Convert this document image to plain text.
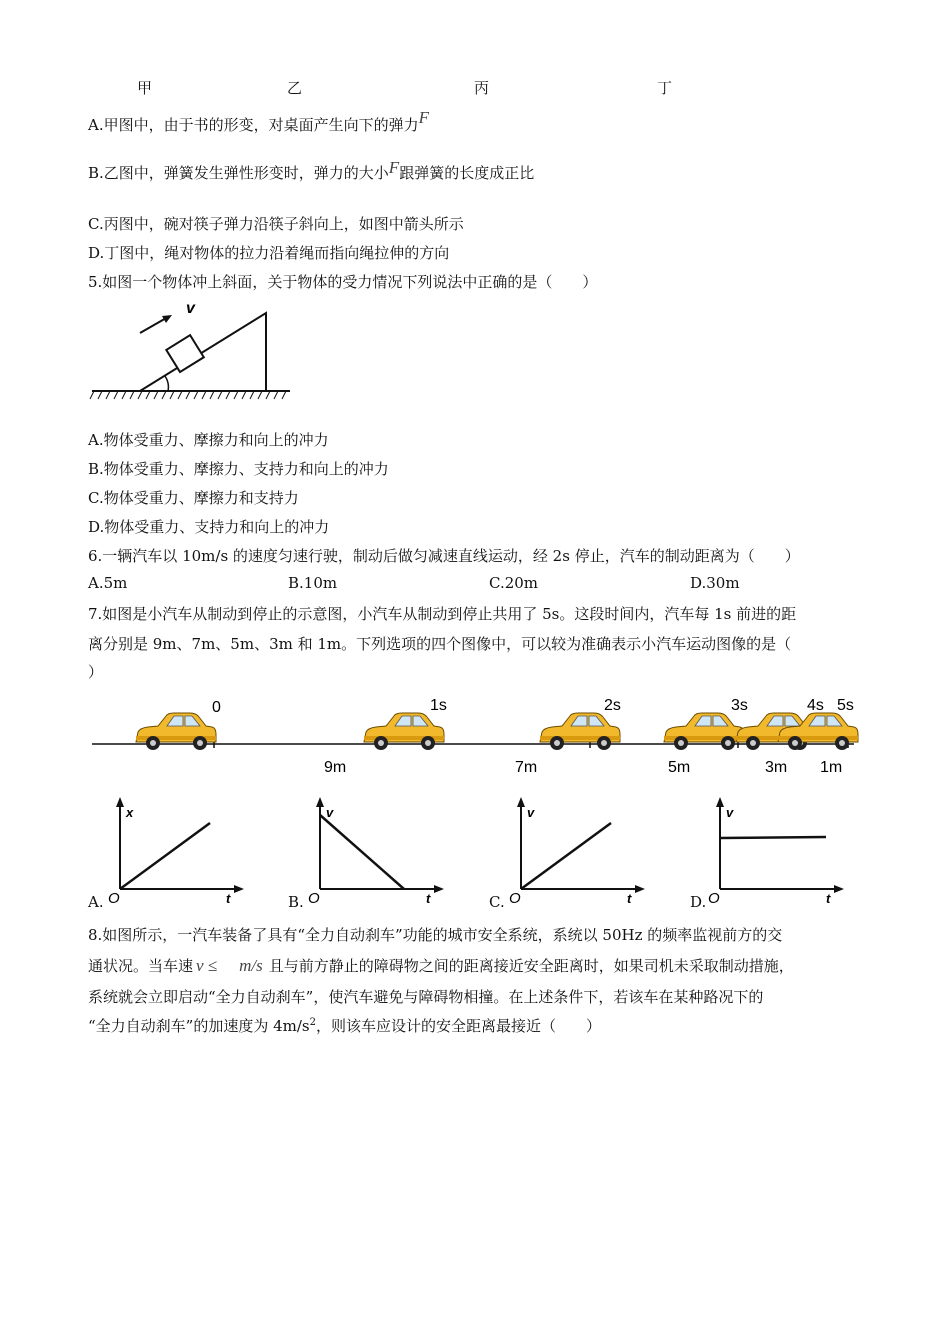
甲	乙	丙	丁
A.甲图中，由于书的形变，对桌面产生向下的弹力F
B.乙图中，弹簧发生弹性形变时，弹力的大小F跟弹簧的长度成正比
C.丙图中，碗对筷子弹力沿筷子斜向上，如图中箭头所示
D.丁图中，绳对物体的拉力沿着绳而指向绳拉伸的方向
5.如图一个物体冲上斜面，关于物体的受力情况下列说法中正确的是（　　）
v
A.物体受重力、摩擦力和向上的冲力
B.物体受重力、摩擦力、支持力和向上的冲力
C.物体受重力、摩擦力和支持力
D.物体受重力、支持力和向上的冲力
6.一辆汽车以 10m/s 的速度匀速行驶，制动后做匀减速直线运动，经 2s 停止，汽车的制动距离为（　　）
A.5m	B.10m	C.20m	D.30m
7.如图是小汽车从制动到停止的示意图，小汽车从制动到停止共用了 5s。这段时间内，汽车每 1s 前进的距
离分别是 9m、7m、5m、3m 和 1m。下列选项的四个图像中，可以较为准确表示小汽车运动图像的是（
）
0	1s	2s	3s	4s 5s
9m	7m	5m	3m 1m
x
t
O
A.
v
t
O
B.
v
t
O
C.
v
t
O
D.
8.如图所示，一汽车装备了具有“全力自动刹车”功能的城市安全系统，系统以 50Hz 的频率监视前方的交
通状况。当车速 v ≤ m/s 且与前方静止的障碍物之间的距离接近安全距离时，如果司机未采取制动措施，
系统就会立即启动“全力自动刹车”，使汽车避免与障碍物相撞。在上述条件下，若该车在某种路况下的
“全力自动刹车”的加速度为 $4m/s^2$，则该车应设计的安全距离最接近（　　）
